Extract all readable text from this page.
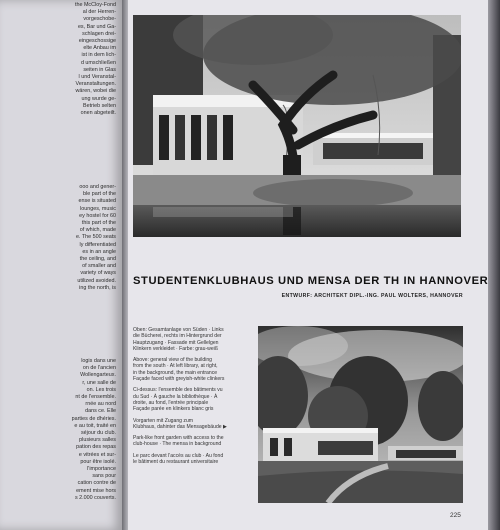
the McCloy-Fond
al der Herren-
vorgeschobe-
es, Bar und Ga-
schlagen drei-
eingeschossige
elte Anbau im
ist in dem lich-
d umschließen
seiten in Glas
l und Veranstal-
Veranstaltungen.
wären, wobei die
ung wurde ge-
Betrieb selten
onen abgeteilt.
ooo and gener-
ble part of the
ense is situated
lounges, music
ey hostel for 60
this part of the
of which, made
e. The 500 seats
ly differentiated
es in an angle
the ceiling, and
of smaller and
variety of ways
utilized avoided.
ing the north, is
logis dans une
on de l'ancien
Wollengarteux.
r, une salle de
on. Les trois
nt de l'ensemble.
rnée au nord
dans ce. Elle
parties de dhéries.
e au toit, traité en
séjour du club.
plusieurs salles
pation des repas
e vitrées et sur-
pour être isolé.
l'importance
sans pour
cation contre de
ement mise hors
s 2.000 couverts.
STUDENTENKLUBHAUS UND MENSA DER TH IN HANNOVER
ENTWURF: ARCHITEKT DIPL.-ING. PAUL WOLTERS, HANNOVER
Oben: Gesamtanlage von Süden · Links
die Bücherei, rechts im Hintergrund der
Hauptzugang · Fassade mit Gellelgen
Klinkern verkleidet · Farbe: grau-weiß
Above: general view of the building
from the south · At left library, at right,
in the background, the main entrance
Façade faced with greyish-white clinkers
Ci-dessus: l'ensemble des bâtiments vu
du Sud · À gauche la bibliothèque · À
droite, au fond, l'entrée principale
Façade parée en klinkers blanc gris
Vorgarten mit Zugang zum
Klubhaus, dahinter das Mensagebäude ▶
Park-like front garden with access to the
club-house · The mensa in background
Le parc devant l'accès au club · Au fond
le bâtiment du restaurant universitaire
225
